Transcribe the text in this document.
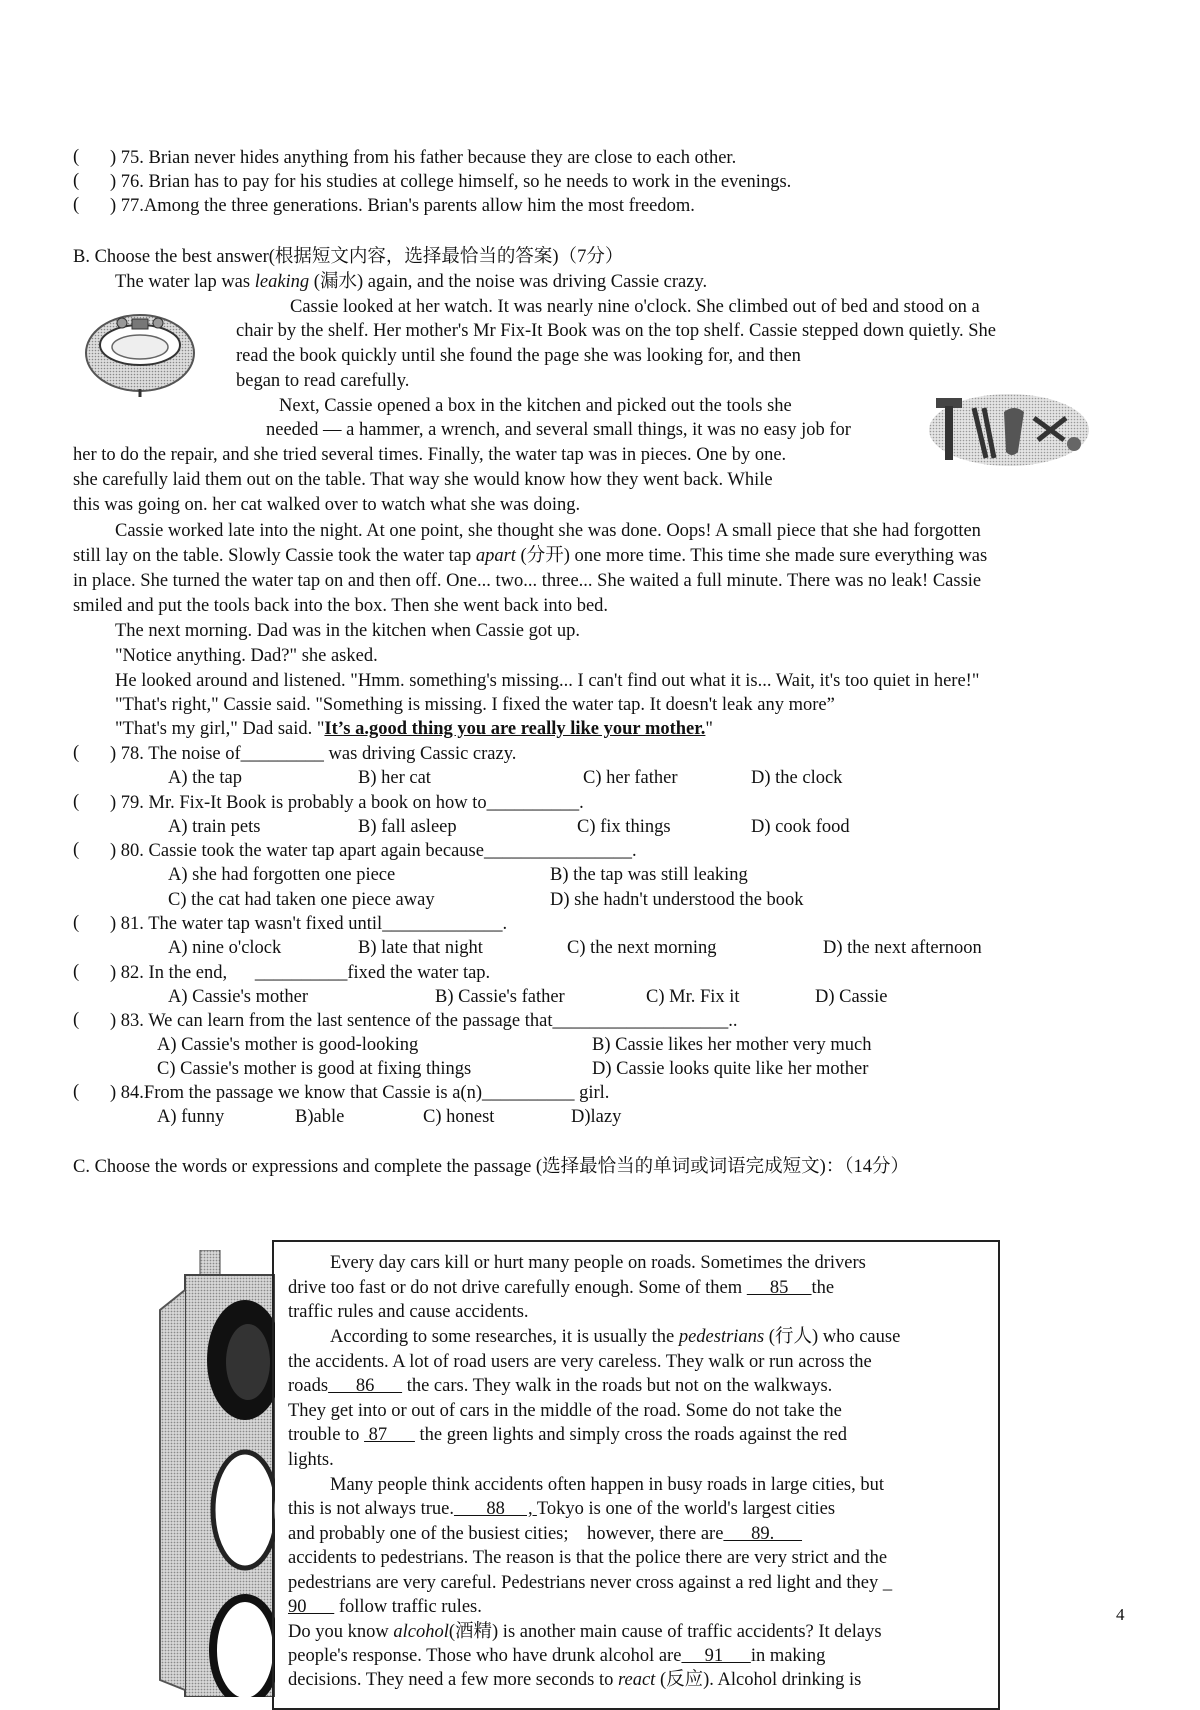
( ) 75. Brian never hides anything from his father because they are close to each other.
( ) 76. Brian has to pay for his studies at college himself, so he needs to work in the evenings.
( ) 77.Among the three generations. Brian's parents allow him the most freedom.
B. Choose the best answer(根据短文内容，选择最恰当的答案)（7分）
The water lap was leaking (漏水) again, and the noise was driving Cassie crazy.
Cassie looked at her watch. It was nearly nine o'clock. She climbed out of bed and stood on a
chair by the shelf. Her mother's Mr Fix-It Book was on the top shelf. Cassie stepped down quietly. She
read the book quickly until she found the page she was looking for, and then
began to read carefully.
Next, Cassie opened a box in the kitchen and picked out the tools she
needed — a hammer, a wrench, and several small things, it was no easy job for
her to do the repair, and she tried several times. Finally, the water tap was in pieces. One by one.
she carefully laid them out on the table. That way she would know how they went back. While
this was going on. her cat walked over to watch what she was doing.
Cassie worked late into the night. At one point, she thought she was done. Oops! A small piece that she had forgotten
still lay on the table. Slowly Cassie took the water tap apart (分开) one more time. This time she made sure everything was
in place. She turned the water tap on and then off. One... two... three... She waited a full minute. There was no leak! Cassie
smiled and put the tools back into the box. Then she went back into bed.
The next morning. Dad was in the kitchen when Cassie got up.
"Notice anything. Dad?" she asked.
He looked around and listened. "Hmm. something's missing... I can't find out what it is... Wait, it's too quiet in here!"
"That's right," Cassie said. "Something is missing. I fixed the water tap. It doesn't leak any more”
"That's my girl," Dad said. "It’s a.good thing you are really like your mother."
( ) 78. The noise of_________ was driving Cassic crazy.
A) the tap	B) her cat	C) her father	D) the clock
( ) 79. Mr. Fix-It Book is probably a book on how to__________.
A) train pets	B) fall asleep	C) fix things	D) cook food
( ) 80. Cassie took the water tap apart again because________________.
A) she had forgotten one piece	B) the tap was still leaking
C) the cat had taken one piece away	D) she hadn't understood the book
( ) 81. The water tap wasn't fixed until_____________.
A) nine o'clock	B) late that night	C) the next morning	D) the next afternoon
( ) 82. In the end,      __________fixed the water tap.
A) Cassie's mother	B) Cassie's father	C) Mr. Fix it	D) Cassie
( ) 83. We can learn from the last sentence of the passage that___________________..
A) Cassie's mother is good-looking	B) Cassie likes her mother very much
C) Cassie's mother is good at fixing things	D) Cassie looks quite like her mother
( ) 84.From the passage we know that Cassie is a(n)__________ girl.
A) funny	B)able	C) honest	D)lazy
C. Choose the words or expressions and complete the passage (选择最恰当的单词或词语完成短文)：（14分）
Every day cars kill or hurt many people on roads. Sometimes the drivers
drive too fast or do not drive carefully enough. Some of them      85     the
traffic rules and cause accidents.
According to some researches, it is usually the pedestrians (行人) who cause
the accidents. A lot of road users are very careless. They walk or run across the
roads      86       the cars. They walk in the roads but not on the walkways.
They get into or out of cars in the middle of the road. Some do not take the
trouble to  87       the green lights and simply cross the roads against the red
lights.
Many people think accidents often happen in busy roads in large cities, but
this is not always true.       88     , Tokyo is one of the world's largest cities
and probably one of the busiest cities;    however, there are      89.
accidents to pedestrians. The reason is that the police there are very strict and the
pedestrians are very careful. Pedestrians never cross against a red light and they _
90       follow traffic rules.
Do you know alcohol(酒精) is another main cause of traffic accidents? It delays
people's response. Those who have drunk alcohol are     91      in making
decisions. They need a few more seconds to react (反应). Alcohol drinking is
4
